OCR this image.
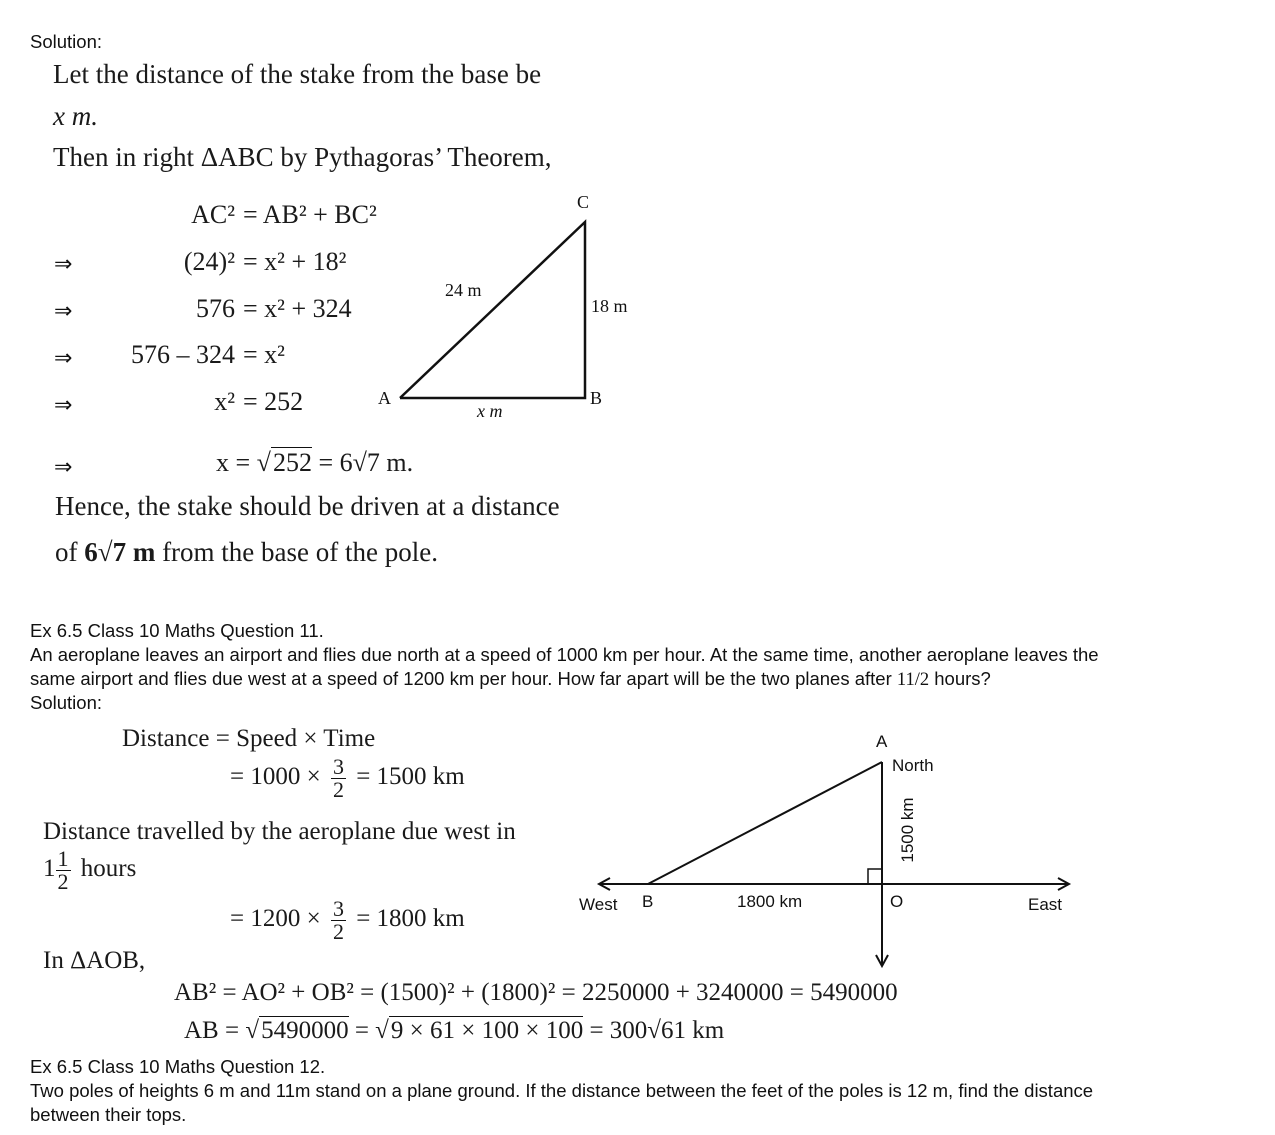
Solution:
Let the distance of the stake from the base be
x m.
Then in right ΔABC by Pythagoras’ Theorem,
AC² = AB² + BC²
⇒	(24)² = x² + 18²
⇒	576 = x² + 324
⇒	576 – 324 = x²
⇒	x² = 252
⇒	x = √252 = 6√7 m.
A	B
C
24 m
18 m
x m
Hence, the stake should be driven at a distance
of 6√7 m from the base of the pole.
Ex 6.5 Class 10 Maths Question 11.
An aeroplane leaves an airport and flies due north at a speed of 1000 km per hour. At the same time, another aeroplane leaves the
same airport and flies due west at a speed of 1200 km per hour. How far apart will be the two planes after 11/2 hours?
Solution:
Distance = Speed × Time
= $1000 \times \frac{3}{2} = 1500$ km
Distance travelled by the aeroplane due west in
$1 \frac{1}{2}$ hours
= $1200 \times \frac{3}{2} = 1800$ km
In ΔAOB,
AB² = AO² + OB² = (1500)² + (1800)² = 2250000 + 3240000 = 5490000
AB = √5490000 = √9 × 61 × 100 × 100 = 300√61 km
A
North
West B	1800 km	O	East
1500 km
Ex 6.5 Class 10 Maths Question 12.
Two poles of heights 6 m and 11m stand on a plane ground. If the distance between the feet of the poles is 12 m, find the distance
between their tops.
